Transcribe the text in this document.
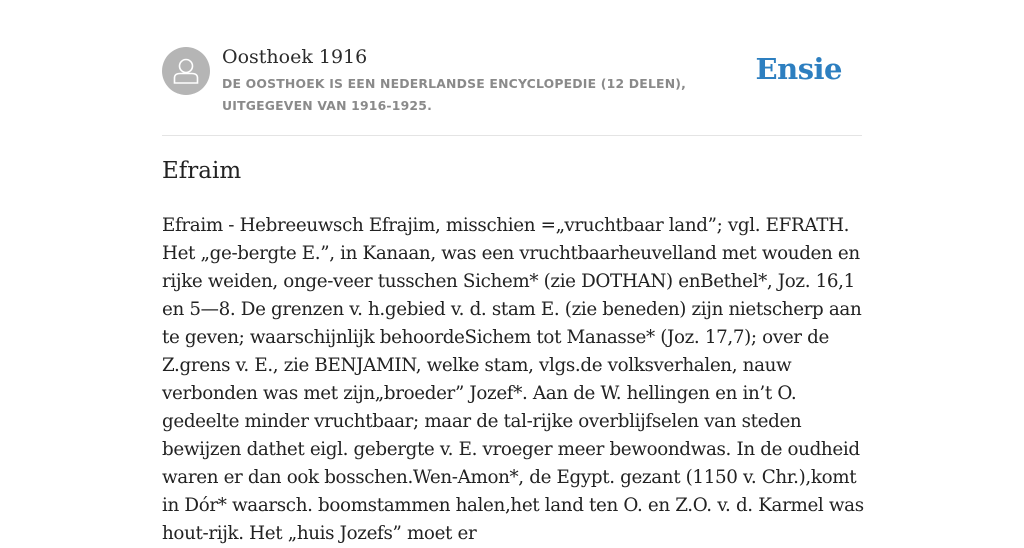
Oosthoek 1916
DE OOSTHOEK IS EEN NEDERLANDSE ENCYCLOPEDIE (12 DELEN), UITGEGEVEN VAN 1916-1925.
Ensie
Efraim

Efraim - Hebreeuwsch Efrajim, misschien =„vruchtbaar land”; vgl. EFRATH. Het „ge-bergte E.”, in Kanaan, was een vruchtbaarheuvelland met wouden en rijke weiden, onge-veer tusschen Sichem* (zie DOTHAN) enBethel*, Joz. 16,1 en 5—8. De grenzen v. h.gebied v. d. stam E. (zie beneden) zijn nietscherp aan te geven; waarschijnlijk behoordeSichem tot Manasse* (Joz. 17,7); over de Z.grens v. E., zie BENJAMIN, welke stam, vlgs.de volksverhalen, nauw verbonden was met zijn„broeder” Jozef*. Aan de W. hellingen en in’t O. gedeelte minder vruchtbaar; maar de tal-rijke overblijfselen van steden bewijzen dathet eigl. gebergte v. E. vroeger meer bewoondwas. In de oudheid waren er dan ook bosschen.Wen-Amon*, de Egypt. gezant (1150 v. Chr.),komt in Dór* waarsch. boomstammen halen,het land ten O. en Z.O. v. d. Karmel was hout-rijk. Het „huis Jozefs” moet er
